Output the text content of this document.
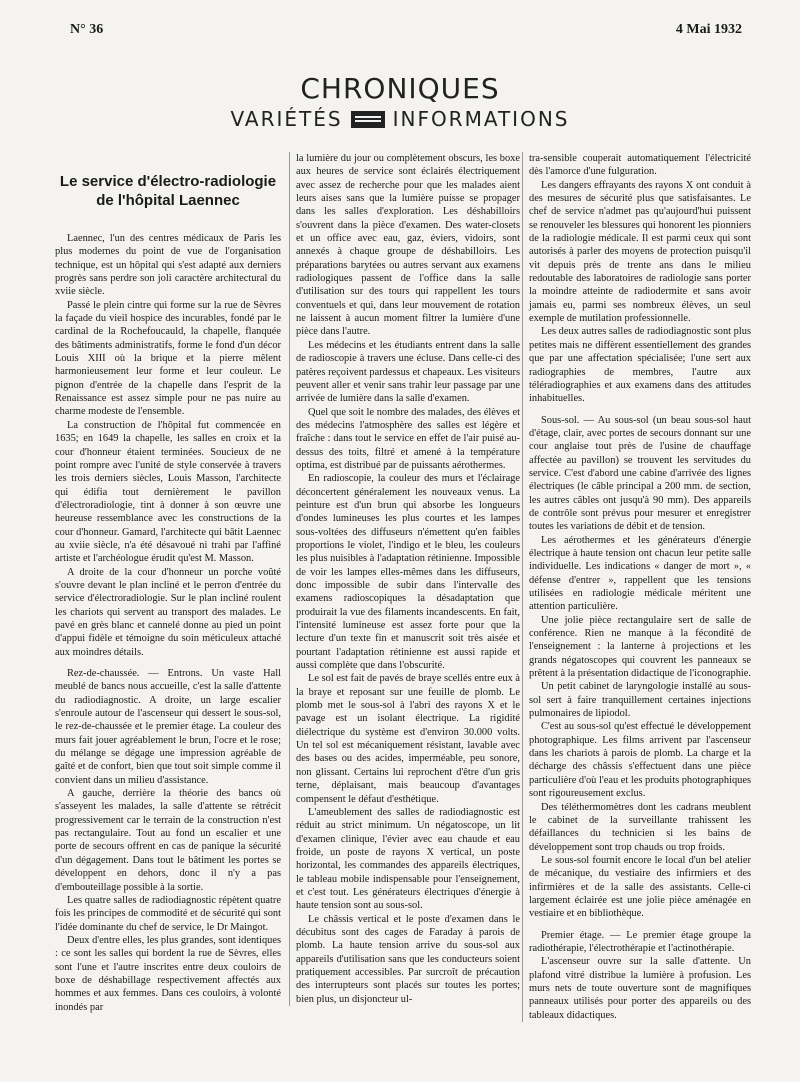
N° 36	4 Mai 1932
CHRONIQUES
VARIÉTÉS	INFORMATIONS
Le service d'électro-radiologie de l'hôpital Laennec

Laennec, l'un des centres médicaux de Paris les plus modernes du point de vue de l'organisation technique, est un hôpital qui s'est adapté aux derniers progrès sans perdre son joli caractère architectural du xviie siècle.

Passé le plein cintre qui forme sur la rue de Sèvres la façade du vieil hospice des incurables, fondé par le cardinal de la Rochefoucauld, la chapelle, flanquée des bâtiments administratifs, forme le fond d'un décor Louis XIII où la brique et la pierre mêlent harmonieusement leur forme et leur couleur. Le pignon d'entrée de la chapelle dans l'esprit de la Renaissance est assez simple pour ne pas nuire au charme modeste de l'ensemble.

La construction de l'hôpital fut commencée en 1635; en 1649 la chapelle, les salles en croix et la cour d'honneur étaient terminées. Soucieux de ne point rompre avec l'unité de style conservée à travers les trois derniers siècles, Louis Masson, l'architecte qui édifia tout dernièrement le pavillon d'électroradiologie, tint à donner à son œuvre une heureuse ressemblance avec les constructions de la cour d'honneur. Gamard, l'architecte qui bâtit Laennec au xviie siècle, n'a été désavoué ni trahi par l'affiné artiste et l'archéologue érudit qu'est M. Masson.

A droite de la cour d'honneur un porche voûté s'ouvre devant le plan incliné et le perron d'entrée du service d'électroradiologie. Sur le plan incliné roulent les chariots qui servent au transport des malades. Le pavé en grès blanc et cannelé donne au pied un point d'appui fidèle et témoigne du soin méticuleux attaché aux moindres détails.

Rez-de-chaussée. — Entrons. Un vaste Hall meublé de bancs nous accueille, c'est la salle d'attente du radiodiagnostic. A droite, un large escalier s'enroule autour de l'ascenseur qui dessert le sous-sol, le rez-de-chaussée et le premier étage. La couleur des murs fait jouer agréablement le brun, l'ocre et le rose; du mélange se dégage une impression agréable de gaîté et de confort, bien que tout soit simple comme il convient dans un milieu d'assistance.

A gauche, derrière la théorie des bancs où s'asseyent les malades, la salle d'attente se rétrécit progressivement car le terrain de la construction n'est pas rectangulaire. Tout au fond un escalier et une porte de secours offrent en cas de panique la sécurité d'un dégagement. Dans tout le bâtiment les portes se développent en dehors, donc il n'y a pas d'embouteillage possible à la sortie.

Les quatre salles de radiodiagnostic répètent quatre fois les principes de commodité et de sécurité qui sont l'idée dominante du chef de service, le Dr Maingot.

Deux d'entre elles, les plus grandes, sont identiques : ce sont les salles qui bordent la rue de Sèvres, elles sont l'une et l'autre inscrites entre deux couloirs de boxe de déshabillage respectivement affectés aux hommes et aux femmes. Dans ces couloirs, à volonté inondés par

la lumière du jour ou complètement obscurs, les boxe aux heures de service sont éclairés électriquement avec assez de recherche pour que les malades aient leurs aises sans que la lumière puisse se propager dans les salles d'exploration. Les déshabilloirs s'ouvrent dans la pièce d'examen. Des water-closets et un office avec eau, gaz, éviers, vidoirs, sont annexés à chaque groupe de déshabilloirs. Les préparations barytées ou autres servant aux examens radiologiques passent de l'office dans la salle d'utilisation sur des tours qui rappellent les tours conventuels et qui, dans leur mouvement de rotation ne laissent à aucun moment filtrer la lumière d'une pièce dans l'autre.

Les médecins et les étudiants entrent dans la salle de radioscopie à travers une écluse. Dans celle-ci des patères reçoivent pardessus et chapeaux. Les visiteurs peuvent aller et venir sans trahir leur passage par une arrivée de lumière dans la salle d'examen.

Quel que soit le nombre des malades, des élèves et des médecins l'atmosphère des salles est légère et fraîche : dans tout le service en effet de l'air puisé au-dessus des toits, filtré et amené à la température optima, est distribué par de puissants aérothermes.

En radioscopie, la couleur des murs et l'éclairage déconcertent généralement les nouveaux venus. La peinture est d'un brun qui absorbe les longueurs d'ondes lumineuses les plus courtes et les lampes sous-voltées des diffuseurs n'émettent qu'en faibles proportions le violet, l'indigo et le bleu, les couleurs les plus nuisibles à l'adaptation rétinienne. Impossible de voir les lampes elles-mêmes dans les diffuseurs, donc impossible de subir dans l'intervalle des examens radioscopiques la désadaptation que produirait la vue des filaments incandescents. En fait, l'intensité lumineuse est assez forte pour que la lecture d'un texte fin et manuscrit soit très aisée et pourtant l'adaptation rétinienne est aussi rapide et aussi complète que dans l'obscurité.

Le sol est fait de pavés de braye scellés entre eux à la braye et reposant sur une feuille de plomb. Le plomb met le sous-sol à l'abri des rayons X et le pavage est un isolant électrique. La rigidité diélectrique du système est d'environ 30.000 volts. Un tel sol est mécaniquement résistant, lavable avec des bases ou des acides, imperméable, peu sonore, non glissant. Certains lui reprochent d'être d'un gris terne, déplaisant, mais beaucoup d'avantages compensent le défaut d'esthétique.

L'ameublement des salles de radiodiagnostic est réduit au strict minimum. Un négatoscope, un lit d'examen clinique, l'évier avec eau chaude et eau froide, un poste de rayons X vertical, un poste horizontal, les commandes des appareils électriques, le tableau mobile indispensable pour l'enseignement, et c'est tout. Les générateurs électriques d'énergie à haute tension sont au sous-sol.

Le châssis vertical et le poste d'examen dans le décubitus sont des cages de Faraday à parois de plomb. La haute tension arrive du sous-sol aux appareils d'utilisation sans que les conducteurs soient pratiquement accessibles. Par surcroît de précaution des interrupteurs sont placés sur toutes les portes; bien plus, un disjoncteur ul-

tra-sensible couperait automatiquement l'électricité dès l'amorce d'une fulguration.

Les dangers effrayants des rayons X ont conduit à des mesures de sécurité plus que satisfaisantes. Le chef de service n'admet pas qu'aujourd'hui puissent se renouveler les blessures qui honorent les pionniers de la radiologie médicale. Il est parmi ceux qui sont autorisés à parler des moyens de protection puisqu'il vit depuis près de trente ans dans le milieu redoutable des laboratoires de radiologie sans porter la moindre atteinte de radiodermite et sans avoir jamais eu, parmi ses nombreux élèves, un seul exemple de mutilation professionnelle.

Les deux autres salles de radiodiagnostic sont plus petites mais ne diffèrent essentiellement des grandes que par une affectation spécialisée; l'une sert aux radiographies de membres, l'autre aux téléradiographies et aux examens dans des attitudes inhabituelles.

Sous-sol. — Au sous-sol (un beau sous-sol haut d'étage, clair, avec portes de secours donnant sur une cour anglaise tout près de l'usine de chauffage affectée au pavillon) se trouvent les servitudes du service. C'est d'abord une cabine d'arrivée des lignes électriques (le câble principal a 200 mm. de section, les autres câbles ont jusqu'à 90 mm). Des appareils de contrôle sont prévus pour mesurer et enregistrer toutes les variations de débit et de tension.

Les aérothermes et les générateurs d'énergie électrique à haute tension ont chacun leur petite salle individuelle. Les indications « danger de mort », « défense d'entrer », rappellent que les tensions utilisées en radiologie médicale méritent une attention particulière.

Une jolie pièce rectangulaire sert de salle de conférence. Rien ne manque à la fécondité de l'enseignement : la lanterne à projections et les grands négatoscopes qui couvrent les panneaux se prêtent à la présentation didactique de l'iconographie.

Un petit cabinet de laryngologie installé au sous-sol sert à faire tranquillement certaines injections pulmonaires de lipiodol.

C'est au sous-sol qu'est effectué le développement photographique. Les films arrivent par l'ascenseur dans les chariots à parois de plomb. La charge et la décharge des châssis s'effectuent dans une pièce particulière d'où l'eau et les produits photographiques sont rigoureusement exclus.

Des téléthermomètres dont les cadrans meublent le cabinet de la surveillante trahissent les défaillances du technicien si les bains de développement sont trop chauds ou trop froids.

Le sous-sol fournit encore le local d'un bel atelier de mécanique, du vestiaire des infirmiers et des infirmières et de la salle des assistants. Celle-ci largement éclairée est une jolie pièce aménagée en vestiaire et en bibliothèque.

Premier étage. — Le premier étage groupe la radiothérapie, l'électrothérapie et l'actinothérapie.

L'ascenseur ouvre sur la salle d'attente. Un plafond vitré distribue la lumière à profusion. Les murs nets de toute ouverture sont de magnifiques panneaux utilisés pour porter des appareils ou des tableaux didactiques.
